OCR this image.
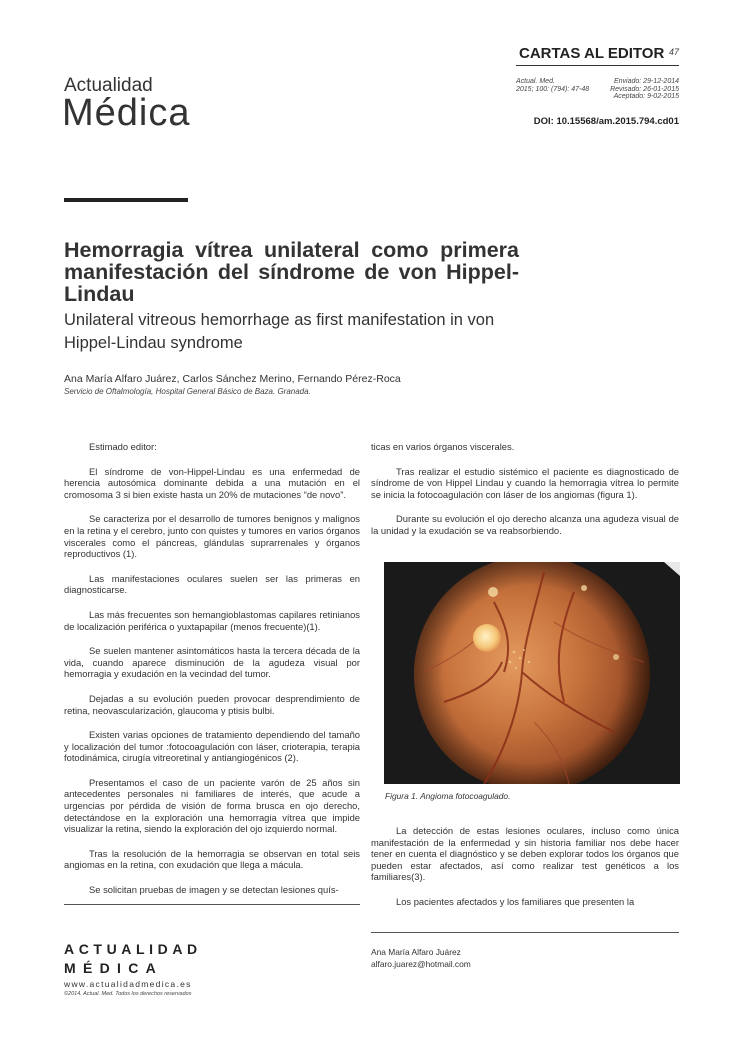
Actualidad
Médica
CARTAS AL EDITOR 47
Actual. Med.
2015; 100: (794): 47-48
Enviado: 29-12-2014
Revisado: 26-01-2015
Aceptado: 9-02-2015
DOI: 10.15568/am.2015.794.cd01
Hemorragia vítrea unilateral como primera manifestación del síndrome de von Hippel-Lindau
Unilateral vitreous hemorrhage as first manifestation in von Hippel-Lindau syndrome
Ana María Alfaro Juárez, Carlos Sánchez Merino, Fernando Pérez-Roca
Servicio de Oftalmología, Hospital General Básico de Baza. Granada.

Estimado editor:

El síndrome de von-Hippel-Lindau es una enfermedad de herencia autosómica dominante debida a una mutación en el cromosoma 3 si bien existe hasta un 20% de mutaciones “de novo”.

Se caracteriza por el desarrollo de tumores benignos y malignos en la retina y el cerebro, junto con quistes y tumores en varios órganos viscerales como el páncreas, glándulas suprarrenales y órganos reproductivos (1).

Las manifestaciones oculares suelen ser las primeras en diagnosticarse.

Las más frecuentes son hemangioblastomas capilares retinianos de localización periférica o yuxtapapilar (menos frecuente)(1).

Se suelen mantener asintomáticos hasta la tercera década de la vida, cuando aparece disminución de la agudeza visual por hemorragia y exudación en la vecindad del tumor.

Dejadas a su evolución pueden provocar desprendimiento de retina, neovascularización, glaucoma y ptisis bulbi.

Existen varias opciones de tratamiento dependiendo del tamaño y localización del tumor :fotocoagulación con láser, crioterapia, terapia fotodinámica, cirugía vitreoretinal y antiangiogénicos (2).

Presentamos el caso de un paciente varón de 25 años sin antecedentes personales ni familiares de interés, que acude a urgencias por pérdida de visión de forma brusca en ojo derecho, detectándose en la exploración una hemorragia vítrea que impide visualizar la retina, siendo la exploración del ojo izquierdo normal.

Tras la resolución de la hemorragia se observan en total seis angiomas en la retina, con exudación que llega a mácula.

Se solicitan pruebas de imagen y se detectan lesiones quís-

ticas en varios órganos viscerales.

Tras realizar el estudio sistémico el paciente es diagnosticado de síndrome de von Hippel Lindau y cuando la hemorragia vítrea lo permite se inicia la fotocoagulación con láser de los angiomas (figura 1).

Durante su evolución el ojo derecho alcanza una agudeza visual de la unidad y la exudación se va reabsorbiendo.

Figura 1. Angioma fotocoagulado.

La detección de estas lesiones oculares, incluso como única manifestación de la enfermedad y sin historia familiar nos debe hacer tener en cuenta el diagnóstico y se deben explorar todos los órganos que pueden estar afectados, así como realizar test genéticos a los familiares(3).

Los pacientes afectados y los familiares que presenten la

ACTUALIDAD
MÉDICA
www.actualidadmedica.es
©2014. Actual. Med. Todos los derechos reservados
Ana María Alfaro Juárez
alfaro.juarez@hotmail.com
